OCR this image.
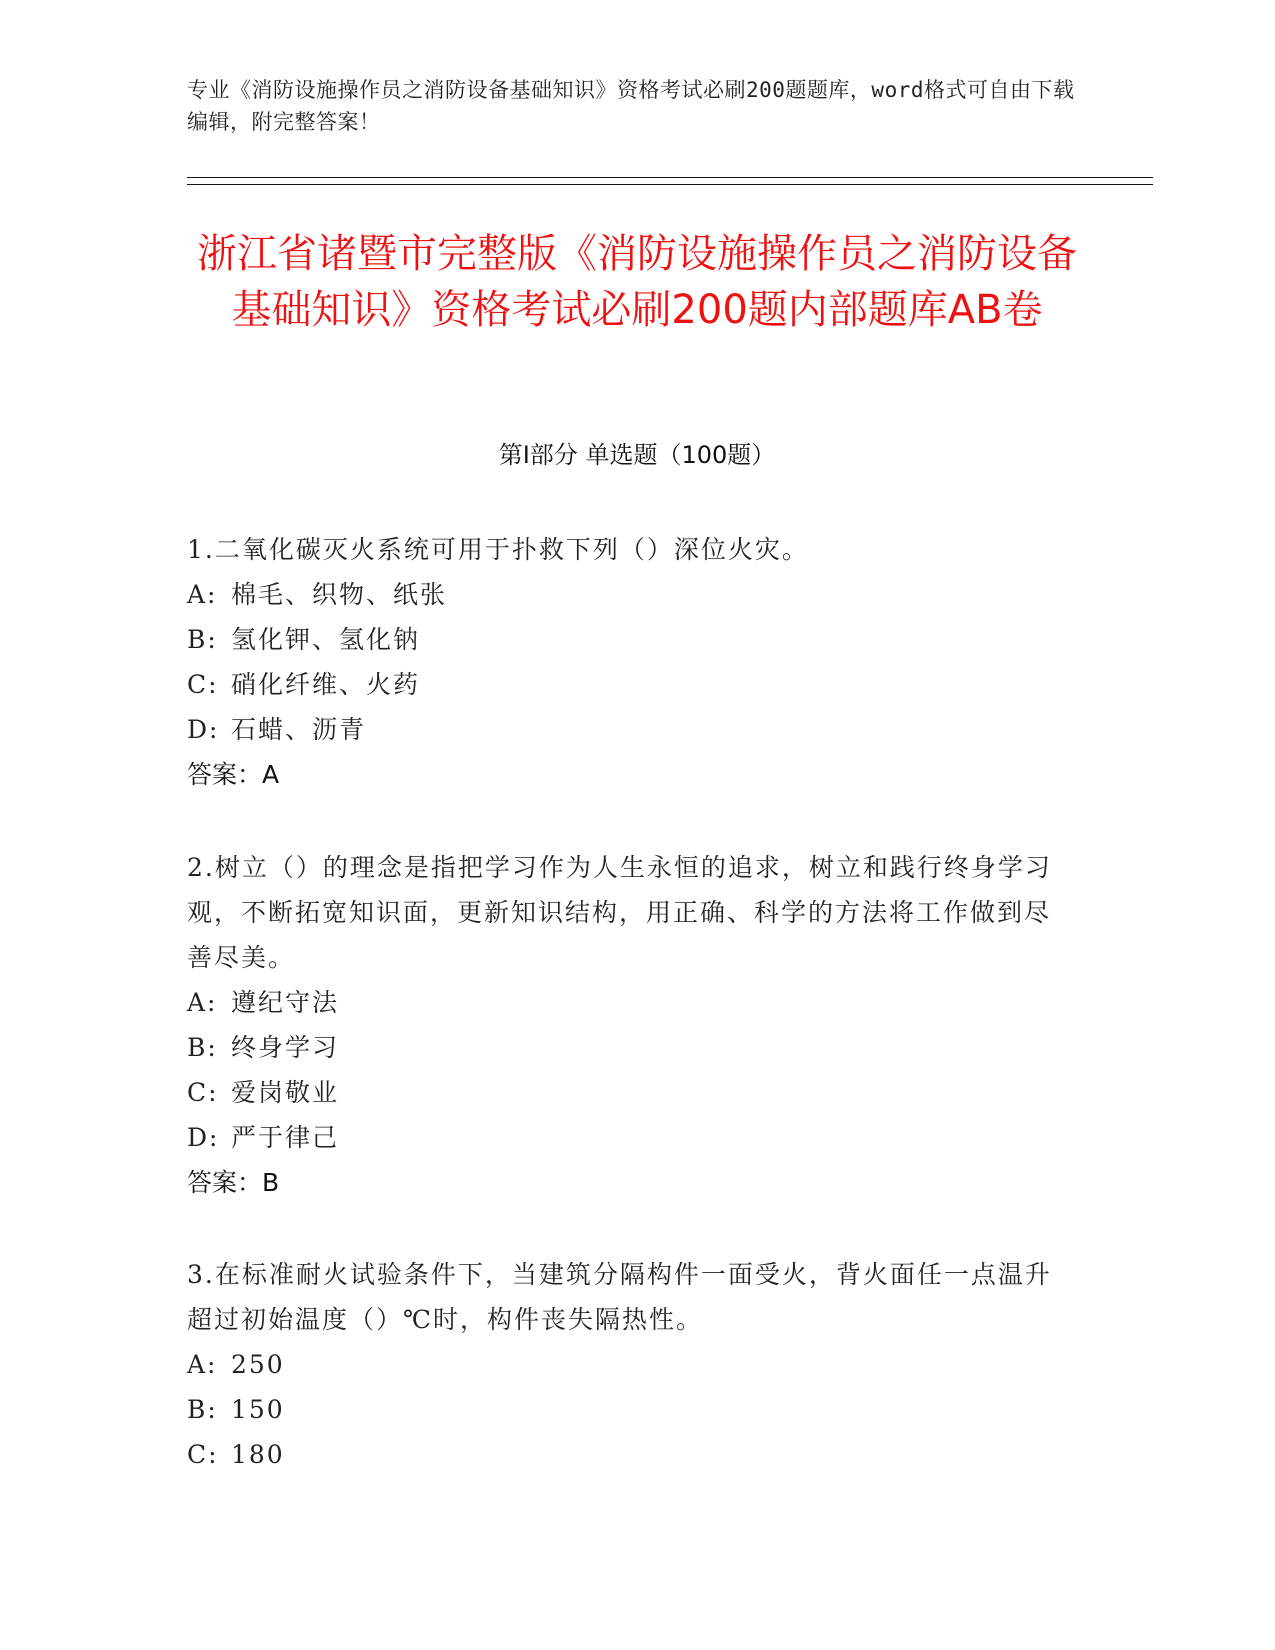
专业《消防设施操作员之消防设备基础知识》资格考试必刷200题题库，word格式可自由下载编辑，附完整答案！
浙江省诸暨市完整版《消防设施操作员之消防设备基础知识》资格考试必刷200题内部题库AB卷
第I部分 单选题（100题）
1.二氧化碳灭火系统可用于扑救下列（）深位火灾。
A: 棉毛、织物、纸张
B: 氢化钾、氢化钠
C: 硝化纤维、火药
D: 石蜡、沥青
答案：A
2.树立（）的理念是指把学习作为人生永恒的追求，树立和践行终身学习观，不断拓宽知识面，更新知识结构，用正确、科学的方法将工作做到尽善尽美。
A: 遵纪守法
B: 终身学习
C: 爱岗敬业
D: 严于律己
答案：B
3.在标准耐火试验条件下，当建筑分隔构件一面受火，背火面任一点温升超过初始温度（）℃时，构件丧失隔热性。
A: 250
B: 150
C: 180
